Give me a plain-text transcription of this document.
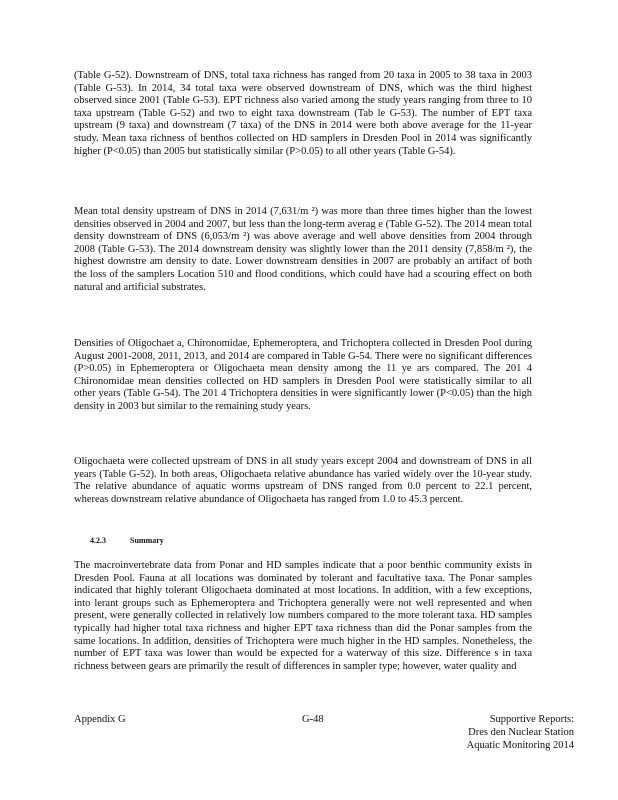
(Table G-52). Downstream of DNS, total taxa richness has ranged from 20 taxa in 2005 to 38 taxa in 2003 (Table G-53). In 2014, 34 total taxa were observed downstream of DNS, which was the third highest observed since 2001 (Table G-53). EPT richness also varied among the study years ranging from three to 10 taxa upstream (Table G-52) and two to eight taxa downstream (Tab le G-53). The number of EPT taxa upstream (9 taxa) and downstream (7 taxa) of the DNS in 2014 were both above average for the 11-year study. Mean taxa richness of benthos collected on HD samplers in Dresden Pool in 2014 was significantly higher (P<0.05) than 2005 but statistically similar (P>0.05) to all other years (Table G-54).

Mean total density upstream of DNS in 2014 (7,631/m ²) was more than three times higher than the lowest densities observed in 2004 and 2007, but less than the long-term averag e (Table G-52). The 2014 mean total density downstream of DNS (6,053/m ²) was above average and well above densities from 2004 through 2008 (Table G-53). The 2014 downstream density was slightly lower than the 2011 density (7,858/m ²), the highest downstre am density to date. Lower downstream densities in 2007 are probably an artifact of both the loss of the samplers Location 510 and flood conditions, which could have had a scouring effect on both natural and artificial substrates.

Densities of Oligochaet a, Chironomidae, Ephemeroptera, and Trichoptera collected in Dresden Pool during August 2001-2008, 2011, 2013, and 2014 are compared in Table G-54. There were no significant differences (P>0.05) in Ephemeroptera or Oligochaeta mean density among the 11 ye ars compared. The 201 4 Chironomidae mean densities collected on HD samplers in Dresden Pool were statistically similar to all other years (Table G-54). The 201 4 Trichoptera densities in were significantly lower (P<0.05) than the high density in 2003 but similar to the remaining study years.

Oligochaeta were collected upstream of DNS in all study years except 2004 and downstream of DNS in all years (Table G-52). In both areas, Oligochaeta relative abundance has varied widely over the 10-year study. The relative abundance of aquatic worms upstream of DNS ranged from 0.0 percent to 22.1 percent, whereas downstream relative abundance of Oligochaeta has ranged from 1.0 to 45.3 percent.

4.2.3	Summary

The macroinvertebrate data from Ponar and HD samples indicate that a poor benthic community exists in Dresden Pool. Fauna at all locations was dominated by tolerant and facultative taxa. The Ponar samples indicated that highly tolerant Oligochaeta dominated at most locations. In addition, with a few exceptions, into lerant groups such as Ephemeroptera and Trichoptera generally were not well represented and when present, were generally collected in relatively low numbers compared to the more tolerant taxa. HD samples typically had higher total taxa richness and higher EPT taxa richness than did the Ponar samples from the same locations. In addition, densities of Trichoptera were much higher in the HD samples. Nonetheless, the number of EPT taxa was lower than would be expected for a waterway of this size. Difference s in taxa richness between gears are primarily the result of differences in sampler type; however, water quality and

Appendix G	G-48	Supportive Reports:
Dres den Nuclear Station
Aquatic Monitoring 2014
